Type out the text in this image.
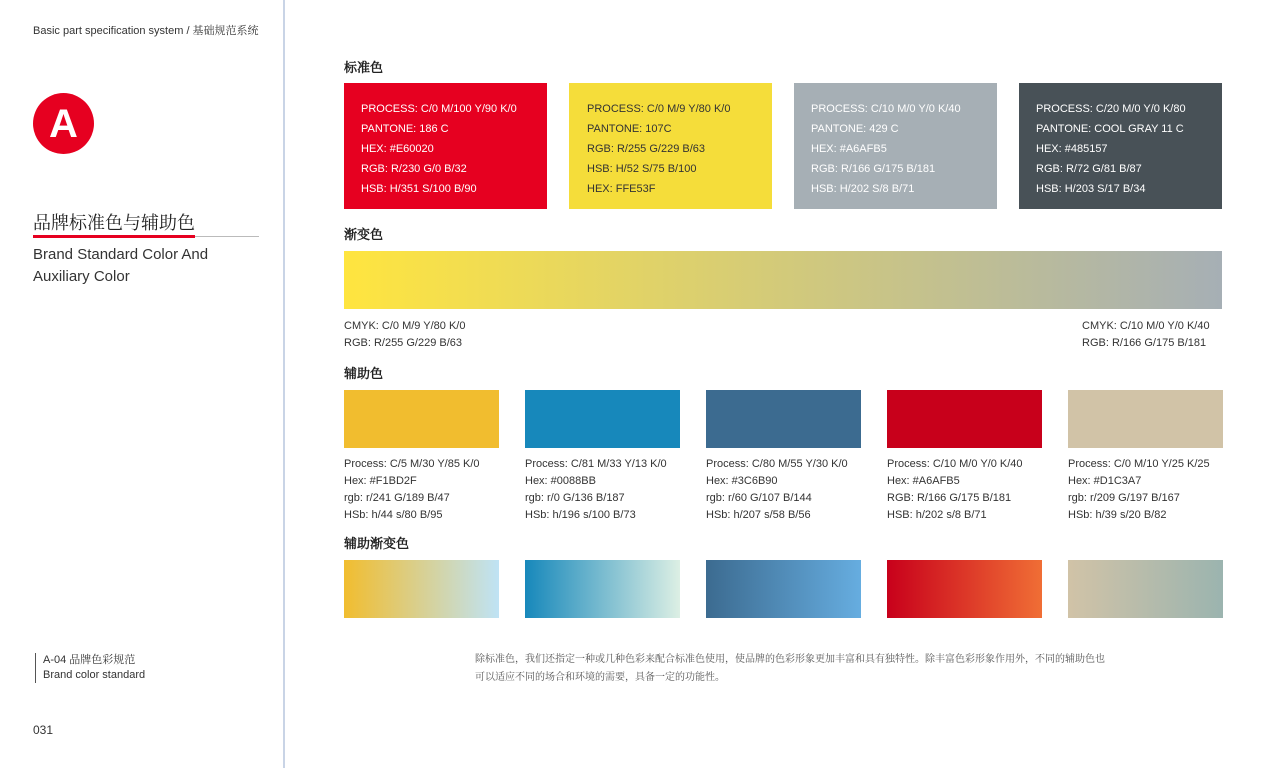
Basic part specification system / 基础规范系统
A
品牌标准色与辅助色
Brand Standard Color And
Auxiliary Color
A-04 品牌色彩规范
Brand color standard
031
标准色
PROCESS: C/0 M/100 Y/90 K/0
PANTONE: 186 C
HEX: #E60020
RGB: R/230 G/0 B/32
HSB: H/351 S/100 B/90
PROCESS: C/0 M/9 Y/80 K/0
PANTONE: 107C
RGB: R/255 G/229 B/63
HSB: H/52 S/75 B/100
HEX: FFE53F
PROCESS: C/10 M/0 Y/0 K/40
PANTONE: 429 C
HEX: #A6AFB5
RGB: R/166 G/175 B/181
HSB: H/202 S/8 B/71
PROCESS: C/20 M/0 Y/0 K/80
PANTONE: COOL GRAY 11 C
HEX: #485157
RGB: R/72 G/81 B/87
HSB: H/203 S/17 B/34
渐变色
CMYK: C/0 M/9 Y/80 K/0
RGB: R/255 G/229 B/63
CMYK: C/10 M/0 Y/0 K/40
RGB: R/166 G/175 B/181
辅助色
Process: C/5 M/30 Y/85 K/0
Hex: #F1BD2F
rgb: r/241 G/189 B/47
HSb: h/44 s/80 B/95
Process: C/81 M/33 Y/13 K/0
Hex: #0088BB
rgb: r/0 G/136 B/187
HSb: h/196 s/100 B/73
Process: C/80 M/55 Y/30 K/0
Hex: #3C6B90
rgb: r/60 G/107 B/144
HSb: h/207 s/58 B/56
Process: C/10 M/0 Y/0 K/40
Hex: #A6AFB5
RGB: R/166 G/175 B/181
HSB: h/202 s/8 B/71
Process: C/0 M/10 Y/25 K/25
Hex: #D1C3A7
rgb: r/209 G/197 B/167
HSb: h/39 s/20 B/82
辅助渐变色
除标准色，我们还指定一种或几种色彩来配合标准色使用，使品牌的色彩形象更加丰富和具有独特性。除丰富色彩形象作用外，不同的辅助色也可以适应不同的场合和环境的需要，具备一定的功能性。
